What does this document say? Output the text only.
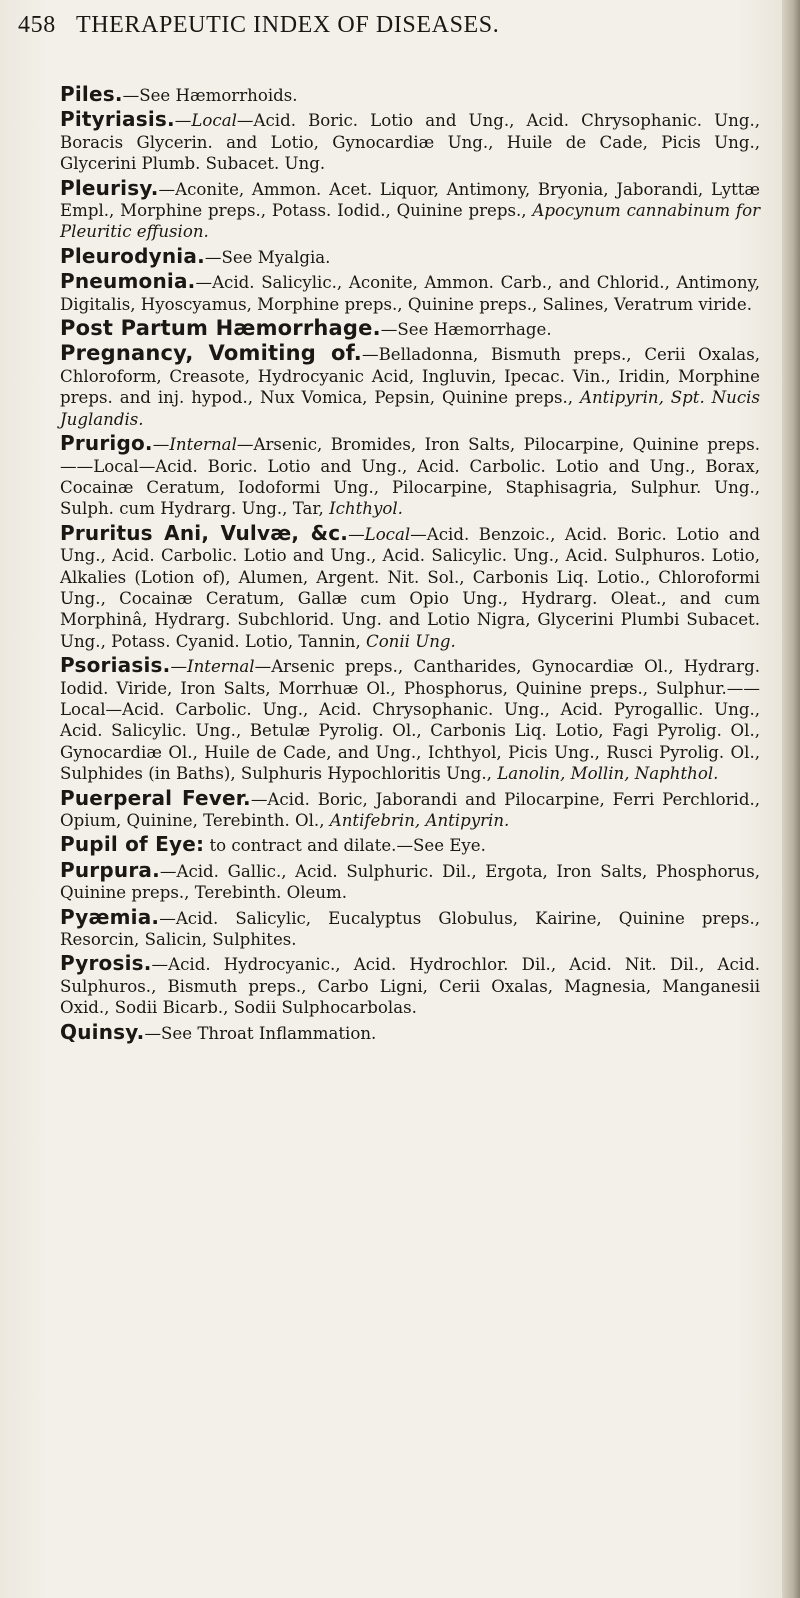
458 THERAPEUTIC INDEX OF DISEASES.

Piles.—See Hæmorrhoids.

Pityriasis.—Local—Acid. Boric. Lotio and Ung., Acid. Chrysophanic. Ung., Boracis Glycerin. and Lotio, Gynocardiæ Ung., Huile de Cade, Picis Ung., Glycerini Plumb. Subacet. Ung.

Pleurisy.—Aconite, Ammon. Acet. Liquor, Antimony, Bryonia, Jaborandi, Lyttæ Empl., Morphine preps., Potass. Iodid., Quinine preps., Apocynum cannabinum for Pleuritic effusion.

Pleurodynia.—See Myalgia.

Pneumonia.—Acid. Salicylic., Aconite, Ammon. Carb., and Chlorid., Antimony, Digitalis, Hyoscyamus, Morphine preps., Quinine preps., Salines, Veratrum viride.

Post Partum Hæmorrhage.—See Hæmorrhage.

Pregnancy, Vomiting of.—Belladonna, Bismuth preps., Cerii Oxalas, Chloroform, Creasote, Hydrocyanic Acid, Ingluvin, Ipecac. Vin., Iridin, Morphine preps. and inj. hypod., Nux Vomica, Pepsin, Quinine preps., Antipyrin, Spt. Nucis Juglandis.

Prurigo.—Internal—Arsenic, Bromides, Iron Salts, Pilocarpine, Quinine preps.——Local—Acid. Boric. Lotio and Ung., Acid. Carbolic. Lotio and Ung., Borax, Cocainæ Ceratum, Iodoformi Ung., Pilocarpine, Staphisagria, Sulphur. Ung., Sulph. cum Hydrarg. Ung., Tar, Ichthyol.

Pruritus Ani, Vulvæ, &c.—Local—Acid. Benzoic., Acid. Boric. Lotio and Ung., Acid. Carbolic. Lotio and Ung., Acid. Salicylic. Ung., Acid. Sulphuros. Lotio, Alkalies (Lotion of), Alumen, Argent. Nit. Sol., Carbonis Liq. Lotio., Chloroformi Ung., Cocainæ Ceratum, Gallæ cum Opio Ung., Hydrarg. Oleat., and cum Morphinâ, Hydrarg. Subchlorid. Ung. and Lotio Nigra, Glycerini Plumbi Subacet. Ung., Potass. Cyanid. Lotio, Tannin, Conii Ung.

Psoriasis.—Internal—Arsenic preps., Cantharides, Gynocardiæ Ol., Hydrarg. Iodid. Viride, Iron Salts, Morrhuæ Ol., Phosphorus, Quinine preps., Sulphur.——Local—Acid. Carbolic. Ung., Acid. Chrysophanic. Ung., Acid. Pyrogallic. Ung., Acid. Salicylic. Ung., Betulæ Pyrolig. Ol., Carbonis Liq. Lotio, Fagi Pyrolig. Ol., Gynocardiæ Ol., Huile de Cade, and Ung., Ichthyol, Picis Ung., Rusci Pyrolig. Ol., Sulphides (in Baths), Sulphuris Hypochloritis Ung., Lanolin, Mollin, Naphthol.

Puerperal Fever.—Acid. Boric, Jaborandi and Pilocarpine, Ferri Perchlorid., Opium, Quinine, Terebinth. Ol., Antifebrin, Antipyrin.

Pupil of Eye: to contract and dilate.—See Eye.

Purpura.—Acid. Gallic., Acid. Sulphuric. Dil., Ergota, Iron Salts, Phosphorus, Quinine preps., Terebinth. Oleum.

Pyæmia.—Acid. Salicylic, Eucalyptus Globulus, Kairine, Quinine preps., Resorcin, Salicin, Sulphites.

Pyrosis.—Acid. Hydrocyanic., Acid. Hydrochlor. Dil., Acid. Nit. Dil., Acid. Sulphuros., Bismuth preps., Carbo Ligni, Cerii Oxalas, Magnesia, Manganesii Oxid., Sodii Bicarb., Sodii Sulphocarbolas.

Quinsy.—See Throat Inflammation.
